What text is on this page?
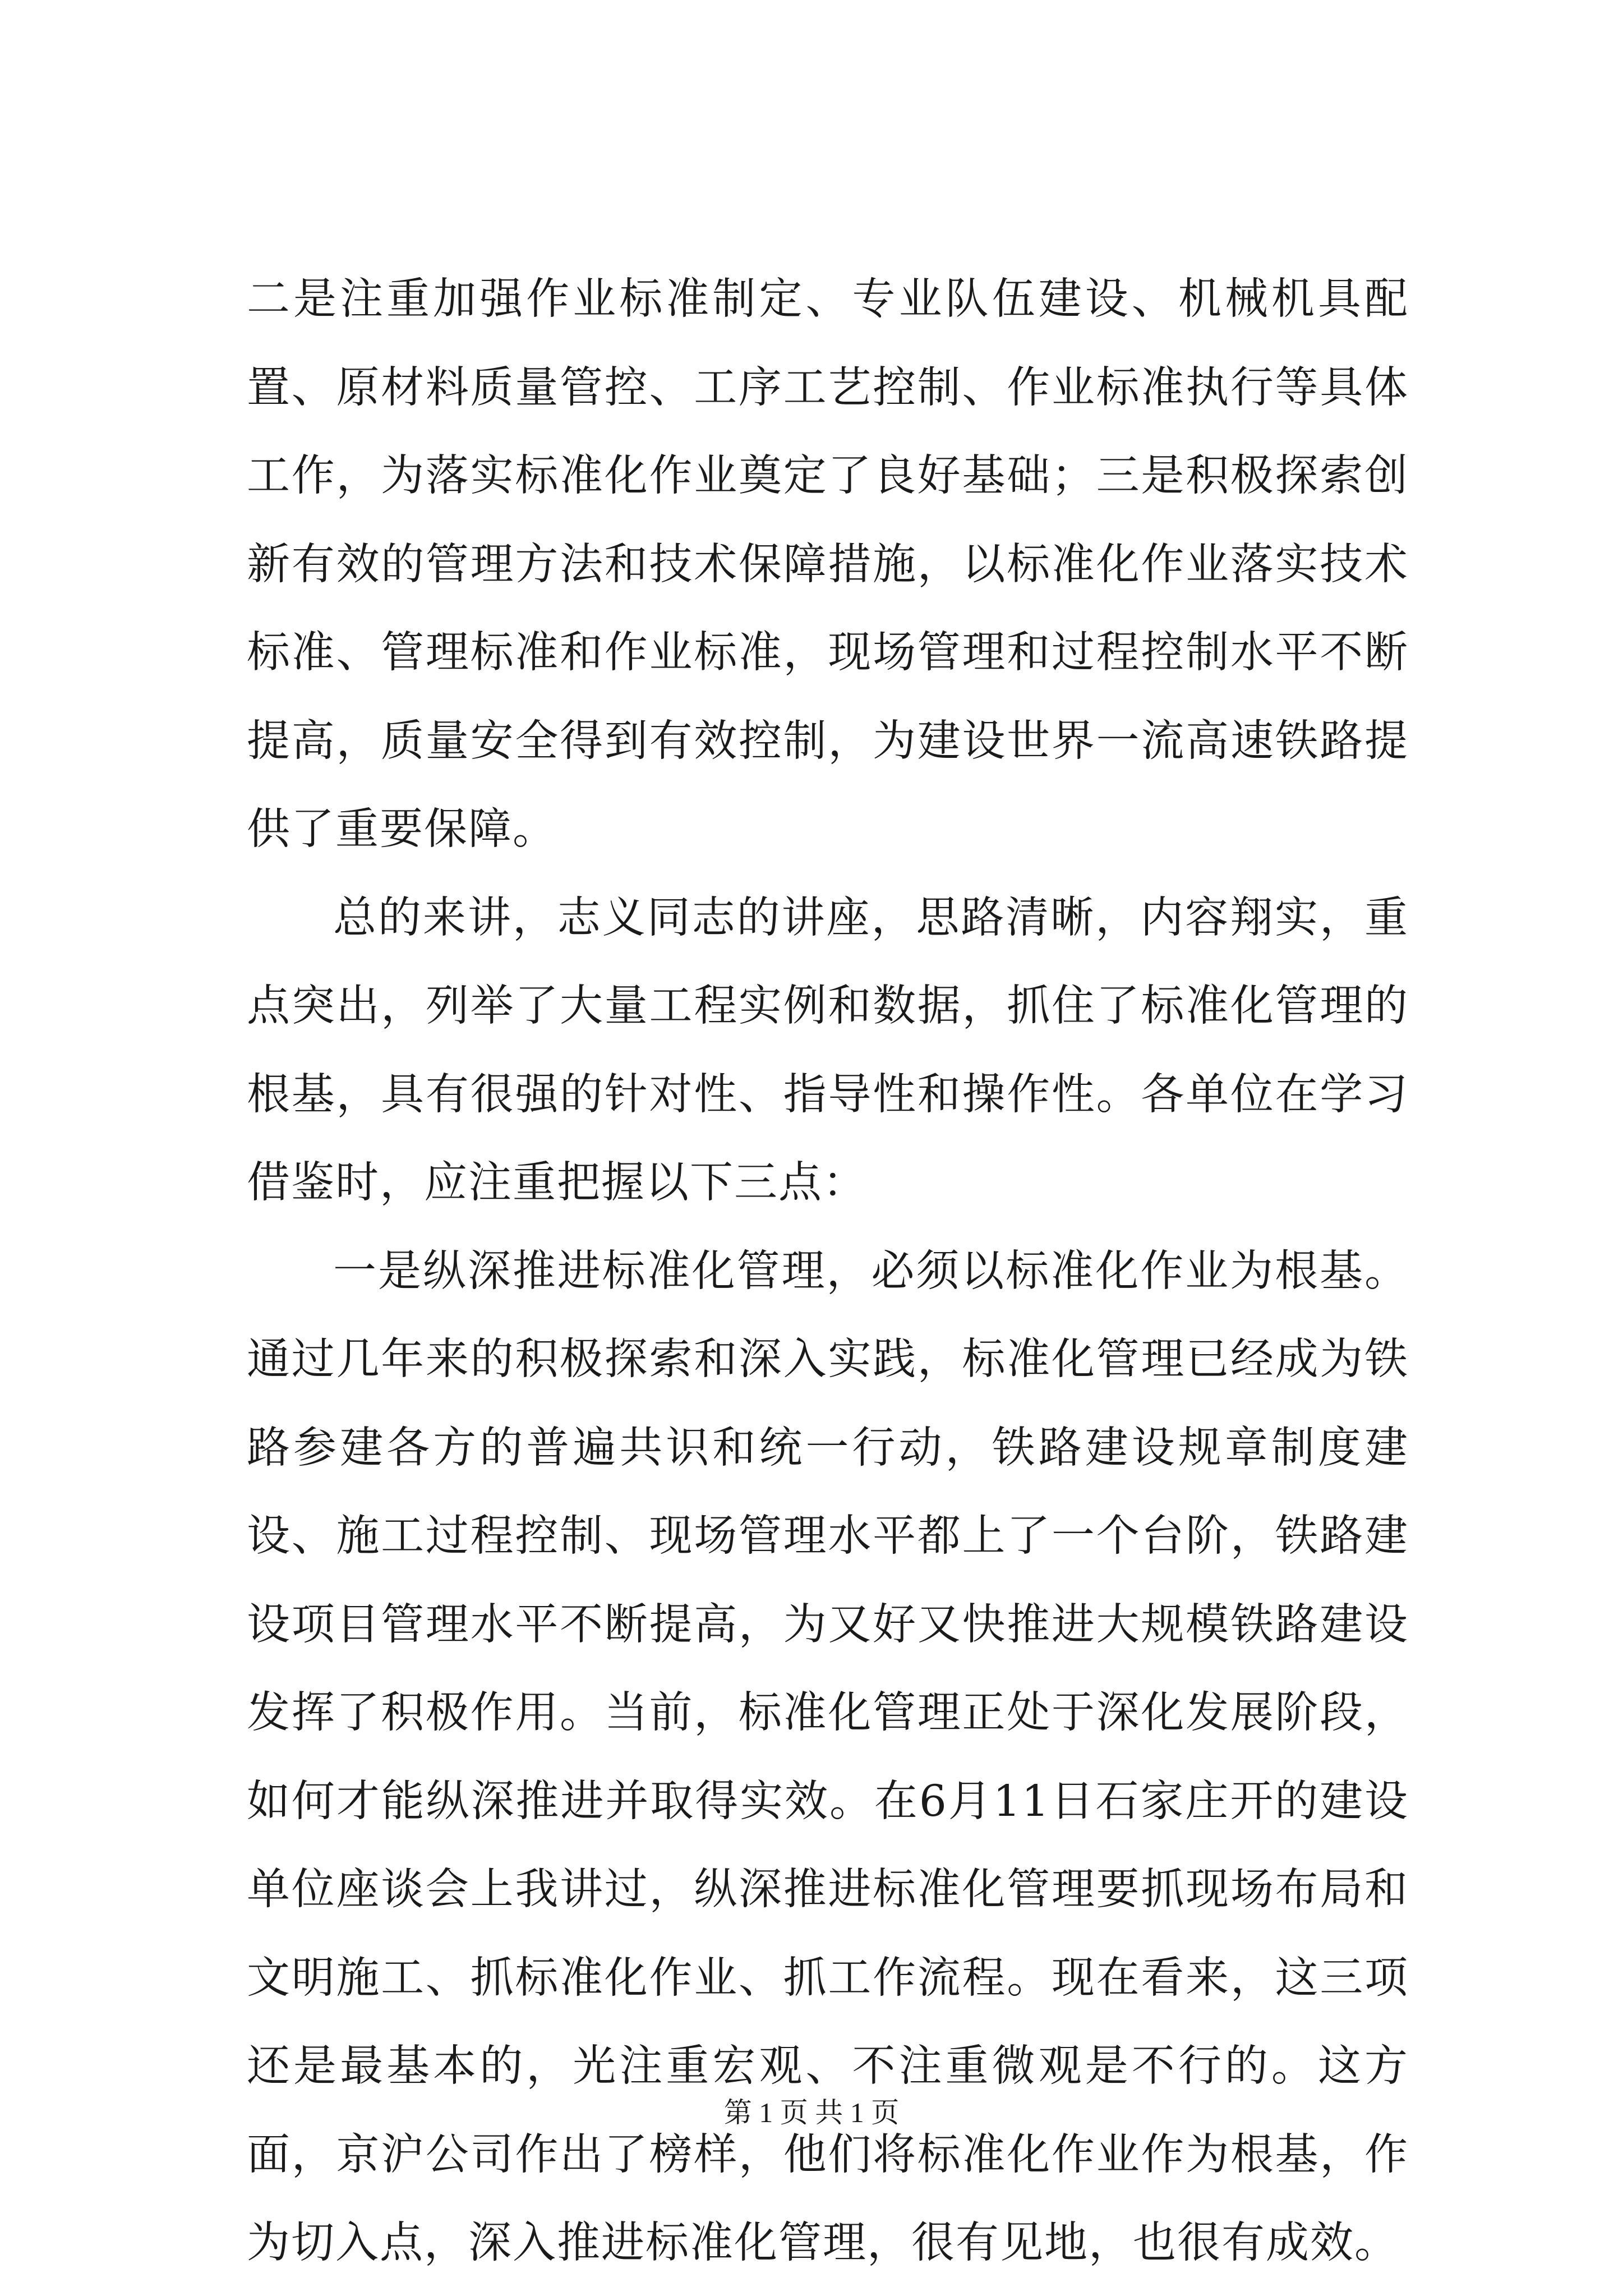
二是注重加强作业标准制定、专业队伍建设、机械机具配置、原材料质量管控、工序工艺控制、作业标准执行等具体工作，为落实标准化作业奠定了良好基础；三是积极探索创新有效的管理方法和技术保障措施，以标准化作业落实技术标准、管理标准和作业标准，现场管理和过程控制水平不断提高，质量安全得到有效控制，为建设世界一流高速铁路提供了重要保障。

总的来讲，志义同志的讲座，思路清晰，内容翔实，重点突出，列举了大量工程实例和数据，抓住了标准化管理的根基，具有很强的针对性、指导性和操作性。各单位在学习借鉴时，应注重把握以下三点：

一是纵深推进标准化管理，必须以标准化作业为根基。通过几年来的积极探索和深入实践，标准化管理已经成为铁路参建各方的普遍共识和统一行动，铁路建设规章制度建设、施工过程控制、现场管理水平都上了一个台阶，铁路建设项目管理水平不断提高，为又好又快推进大规模铁路建设发挥了积极作用。当前，标准化管理正处于深化发展阶段，如何才能纵深推进并取得实效。在6月11日石家庄开的建设单位座谈会上我讲过，纵深推进标准化管理要抓现场布局和文明施工、抓标准化作业、抓工作流程。现在看来，这三项还是最基本的，光注重宏观、不注重微观是不行的。这方面，京沪公司作出了榜样，他们将标准化作业作为根基，作为切入点，深入推进标准化管理，很有见地，也很有成效。

第 1 页 共 1 页
